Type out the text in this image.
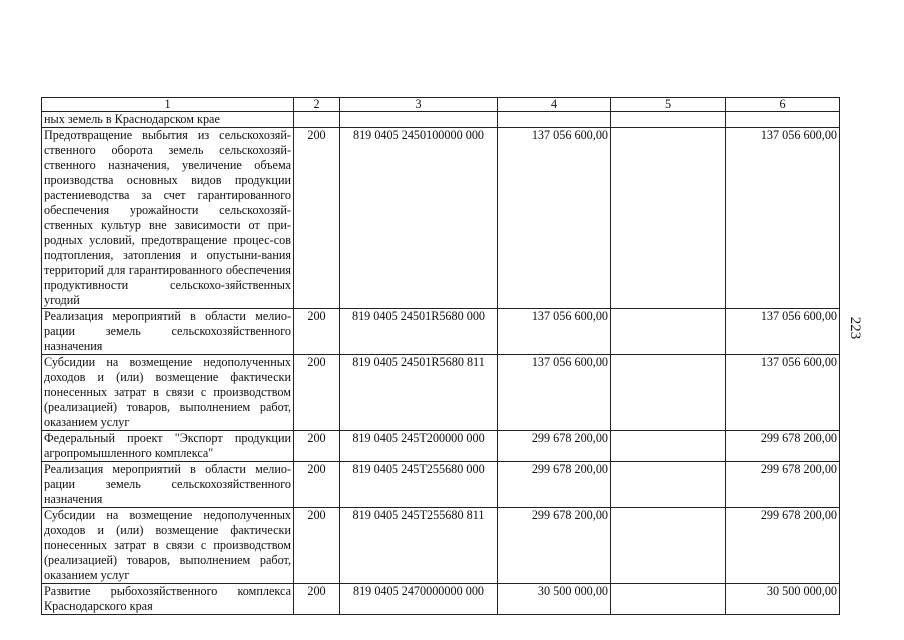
1	2	3	4	5	6
ных земель в Краснодарском крае					
Предотвращение выбытия из сельскохозяй-ственного оборота земель сельскохозяй-ственного назначения, увеличение объема производства основных видов продукции растениеводства за счет гарантированного обеспечения урожайности сельскохозяй-ственных культур вне зависимости от при-родных условий, предотвращение процес-сов подтопления, затопления и опустыни-вания территорий для гарантированного обеспечения продуктивности сельскохо-зяйственных угодий	200	819 0405 2450100000 000	137 056 600,00		137 056 600,00
Реализация мероприятий в области мелио-рации земель сельскохозяйственного назначения	200	819 0405 24501R5680 000	137 056 600,00		137 056 600,00
Субсидии на возмещение недополученных доходов и (или) возмещение фактически понесенных затрат в связи с производством (реализацией) товаров, выполнением работ, оказанием услуг	200	819 0405 24501R5680 811	137 056 600,00		137 056 600,00
Федеральный проект "Экспорт продукции агропромышленного комплекса"	200	819 0405 245T200000 000	299 678 200,00		299 678 200,00
Реализация мероприятий в области мелио-рации земель сельскохозяйственного назначения	200	819 0405 245T255680 000	299 678 200,00		299 678 200,00
Субсидии на возмещение недополученных доходов и (или) возмещение фактически понесенных затрат в связи с производством (реализацией) товаров, выполнением работ, оказанием услуг	200	819 0405 245T255680 811	299 678 200,00		299 678 200,00
Развитие рыбохозяйственного комплекса Краснодарского края	200	819 0405 2470000000 000	30 500 000,00		30 500 000,00
223
